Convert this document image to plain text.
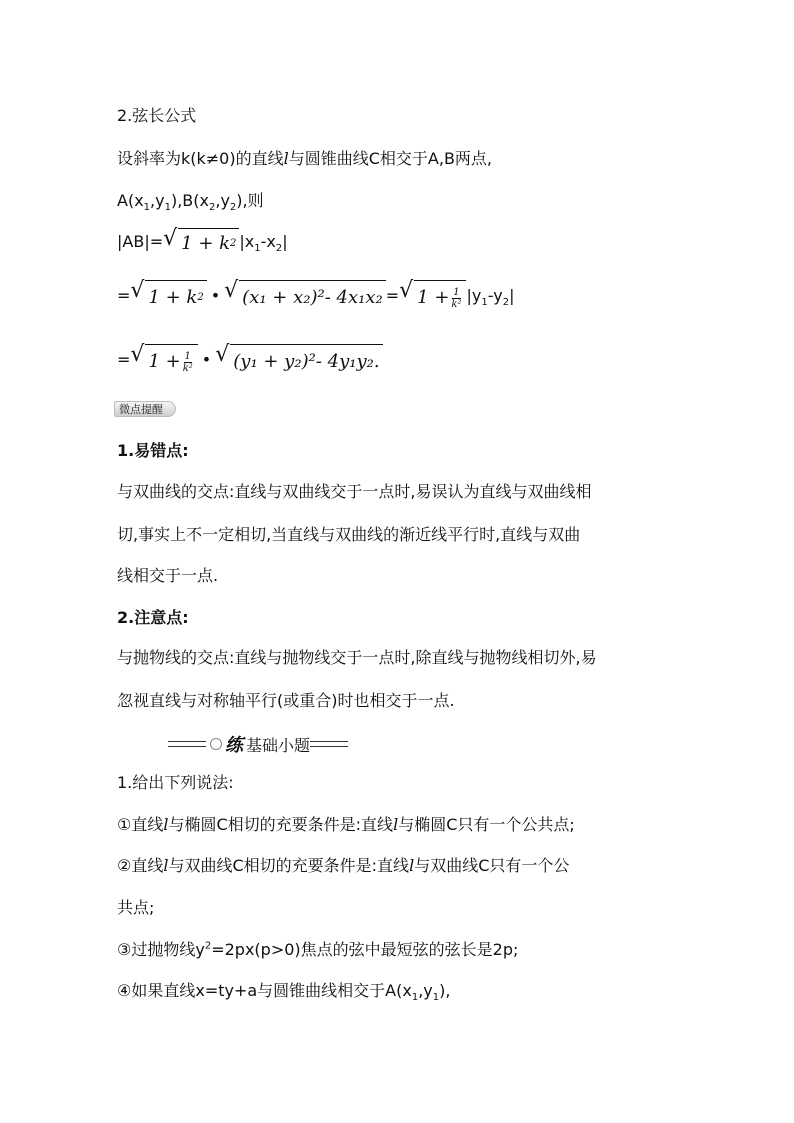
2.弦长公式
设斜率为k(k≠0)的直线l与圆锥曲线C相交于A,B两点,
$A(x_1,y_1),B(x_2,y_2)$,则
|AB|= √ 1 + k 2 $|x_1-x_2|$
= √ 1 + k 2 • √ (x₁ + x₂)² - 4x₁x₂ = √ $1 + \frac{1}{\text{k²}} |y_1-y_2|$
= √ $1 + \frac{1}{\text{k²}}$ • √ (y₁ + y₂)² - 4y₁y₂.
微点提醒
1.易错点:
与双曲线的交点:直线与双曲线交于一点时,易误认为直线与双曲线相
切,事实上不一定相切,当直线与双曲线的渐近线平行时,直线与双曲
线相交于一点.
2.注意点:
与抛物线的交点:直线与抛物线交于一点时,除直线与抛物线相切外,易
忽视直线与对称轴平行(或重合)时也相交于一点.
练 基础小题
1.给出下列说法:
①直线l与椭圆C相切的充要条件是:直线l与椭圆C只有一个公共点;
②直线l与双曲线C相切的充要条件是:直线l与双曲线C只有一个公
共点;
③过抛物线$y^2=2px(p>0)$焦点的弦中最短弦的弦长是2p;
④如果直线x=ty+a与圆锥曲线相交于$A(x_1,y_1)$,
